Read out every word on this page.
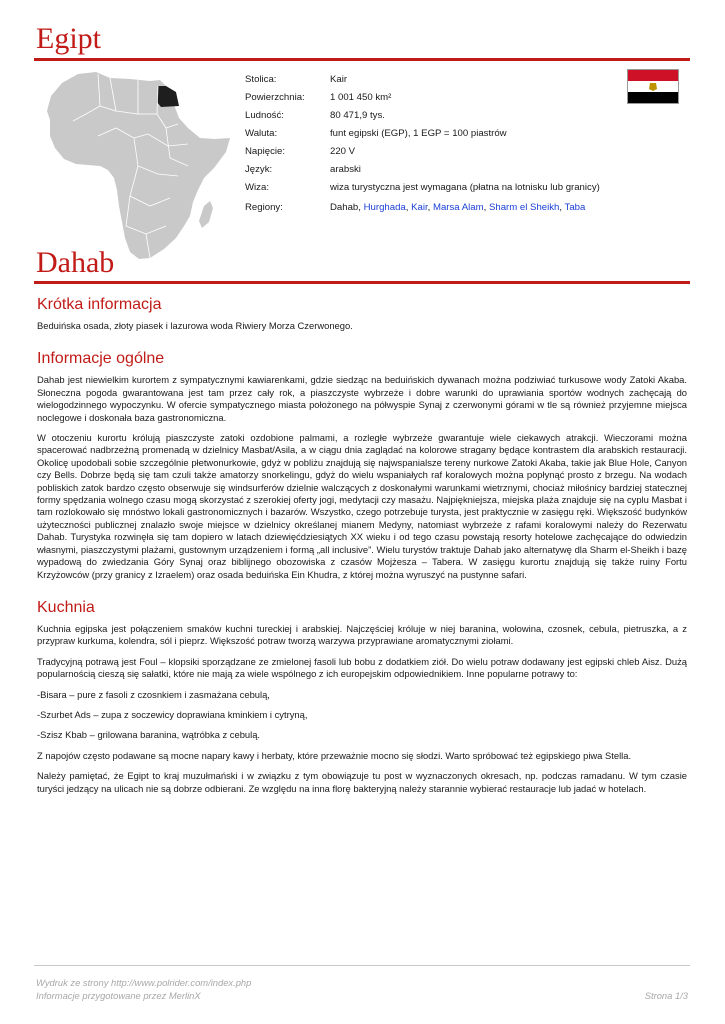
Egipt
Stolica:	Kair
Powierzchnia:	1 001 450 km²
Ludność:	80 471,9 tys.
Waluta:	funt egipski (EGP), 1 EGP = 100 piastrów
Napięcie:	220 V
Język:	arabski
Wiza:	wiza turystyczna jest wymagana (płatna na lotnisku lub granicy)
Regiony:	Dahab, Hurghada, Kair, Marsa Alam, Sharm el Sheikh, Taba
Dahab
Krótka informacja

Beduińska osada, złoty piasek i lazurowa woda Riwiery Morza Czerwonego.

Informacje ogólne

Dahab jest niewielkim kurortem z sympatycznymi kawiarenkami, gdzie siedząc na beduińskich dywanach można podziwiać turkusowe wody Zatoki Akaba. Słoneczna pogoda gwarantowana jest tam przez cały rok, a piaszczyste wybrzeże i dobre warunki do uprawiania sportów wodnych zachęcają do wielogodzinnego wypoczynku. W ofercie sympatycznego miasta położonego na półwyspie Synaj z czerwonymi górami w tle są również przyjemne miejsca noclegowe i doskonała baza gastronomiczna.

W otoczeniu kurortu królują piaszczyste zatoki ozdobione palmami, a rozległe wybrzeże gwarantuje wiele ciekawych atrakcji. Wieczorami można spacerować nadbrzeżną promenadą w dzielnicy Masbat/Asila, a w ciągu dnia zaglądać na kolorowe stragany będące kontrastem dla arabskich restauracji. Okolicę upodobali sobie szczególnie płetwonurkowie, gdyż w pobliżu znajdują się najwspanialsze tereny nurkowe Zatoki Akaba, takie jak Blue Hole, Canyon czy Bells. Dobrze będą się tam czuli także amatorzy snorkelingu, gdyż do wielu wspaniałych raf koralowych można popłynąć prosto z brzegu. Na wodach pobliskich zatok bardzo często obserwuje się windsurferów dzielnie walczących z doskonałymi warunkami wietrznymi, chociaż miłośnicy bardziej statecznej formy spędzania wolnego czasu mogą skorzystać z szerokiej oferty jogi, medytacji czy masażu. Najpiękniejsza, miejska plaża znajduje się na cyplu Masbat i tam rozlokowało się mnóstwo lokali gastronomicznych i bazarów. Wszystko, czego potrzebuje turysta, jest praktycznie w zasięgu ręki. Większość budynków użyteczności publicznej znalazło swoje miejsce w dzielnicy określanej mianem Medyny, natomiast wybrzeże z rafami koralowymi należy do Rezerwatu Dahab. Turystyka rozwinęła się tam dopiero w latach dziewięćdziesiątych XX wieku i od tego czasu powstają resorty hotelowe zachęcające do odwiedzin własnymi, piaszczystymi plażami, gustownym urządzeniem i formą „all inclusive”. Wielu turystów traktuje Dahab jako alternatywę dla Sharm el-Sheikh i bazę wypadową do zwiedzania Góry Synaj oraz biblijnego obozowiska z czasów Mojżesza – Tabera. W zasięgu kurortu znajdują się także ruiny Fortu Krzyżowców (przy granicy z Izraelem) oraz osada beduińska Ein Khudra, z której można wyruszyć na pustynne safari.

Kuchnia

Kuchnia egipska jest połączeniem smaków kuchni tureckiej i arabskiej. Najczęściej króluje w niej baranina, wołowina, czosnek, cebula, pietruszka, a z przypraw kurkuma, kolendra, sól i pieprz. Większość potraw tworzą warzywa przyprawiane aromatycznymi ziołami.

Tradycyjną potrawą jest Foul – klopsiki sporządzane ze zmielonej fasoli lub bobu z dodatkiem ziół. Do wielu potraw dodawany jest egipski chleb Aisz. Dużą popularnością cieszą się sałatki, które nie mają za wiele wspólnego z ich europejskim odpowiednikiem. Inne popularne potrawy to:

-Bisara – pure z fasoli z czosnkiem i zasmażana cebulą,

-Szurbet Ads – zupa z soczewicy doprawiana kminkiem i cytryną,

-Szisz Kbab – grilowana baranina, wątróbka z cebulą.

Z napojów często podawane są mocne napary kawy i herbaty, które przeważnie mocno się słodzi. Warto spróbować też egipskiego piwa Stella.

Należy pamiętać, że Egipt to kraj muzułmański i w związku z tym obowiązuje tu post w wyznaczonych okresach, np. podczas ramadanu. W tym czasie turyści jedzący na ulicach nie są dobrze odbierani. Ze względu na inna florę bakteryjną należy starannie wybierać restauracje lub jadać w hotelach.

Wydruk ze strony http://www.polrider.com/index.php
Informacje przygotowane przez MerlinX	Strona 1/3
